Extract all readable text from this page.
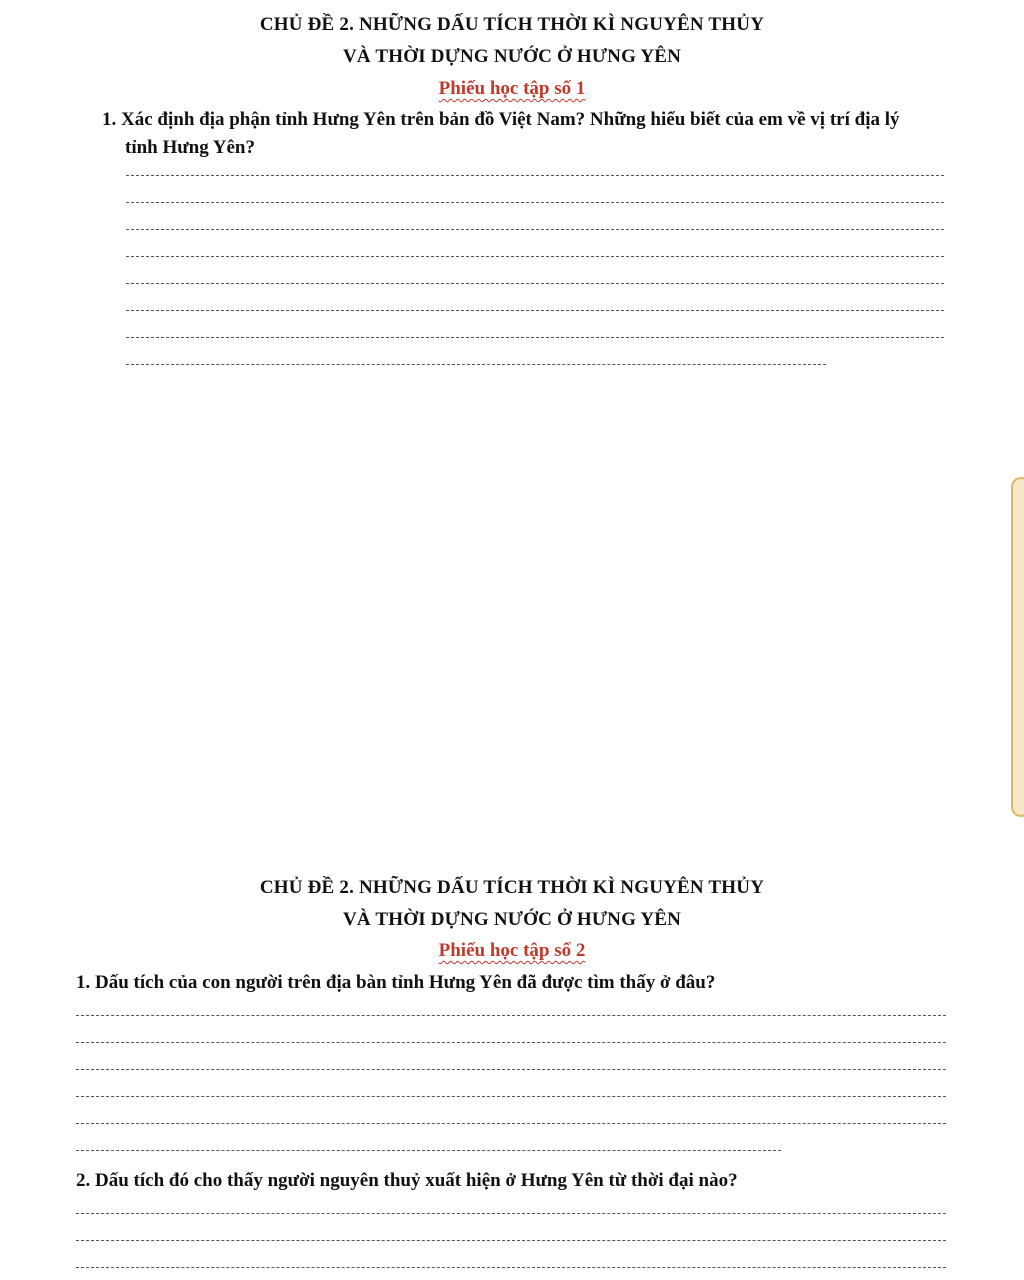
CHỦ ĐỀ 2. NHỮNG DẤU TÍCH THỜI KÌ NGUYÊN THỦY
VÀ THỜI DỰNG NƯỚC Ở HƯNG YÊN
Phiếu học tập số 1
1. Xác định địa phận tỉnh Hưng Yên trên bản đồ Việt Nam? Những hiểu biết của em về vị trí địa lý
tỉnh Hưng Yên?
CHỦ ĐỀ 2. NHỮNG DẤU TÍCH THỜI KÌ NGUYÊN THỦY
VÀ THỜI DỰNG NƯỚC Ở HƯNG YÊN
Phiếu học tập số 2
1. Dấu tích của con người trên địa bàn tỉnh Hưng Yên đã được tìm thấy ở đâu?
2. Dấu tích đó cho thấy người nguyên thuỷ xuất hiện ở Hưng Yên từ thời đại nào?
